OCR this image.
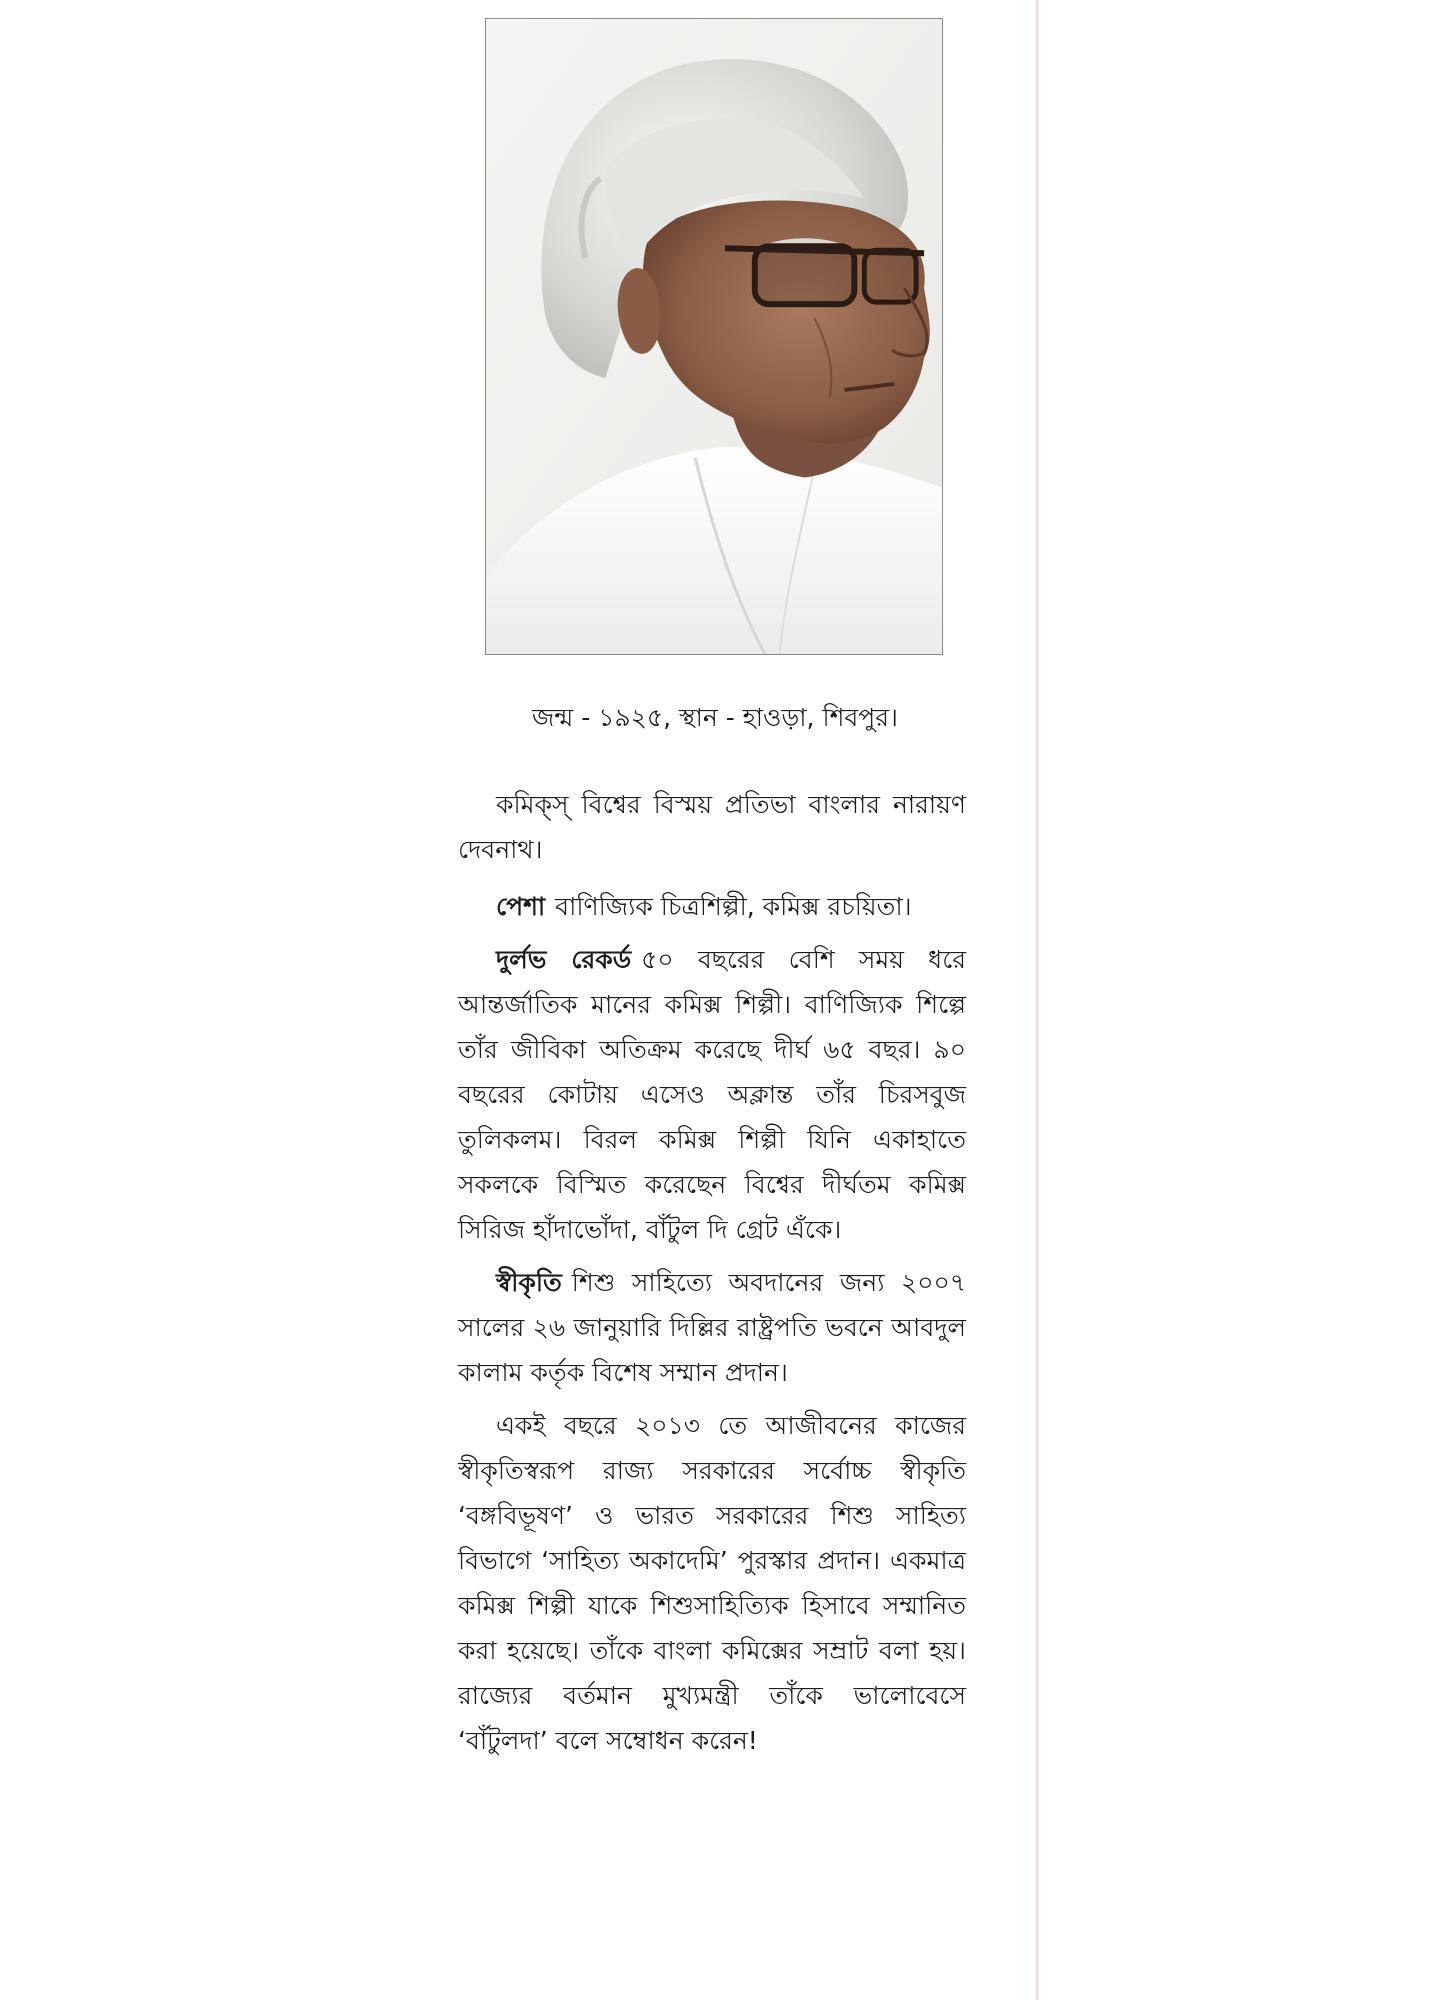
জন্ম - ১৯২৫, স্থান - হাওড়া, শিবপুর।

কমিক্স্ বিশ্বের বিস্ময় প্রতিভা বাংলার নারায়ণ দেবনাথ।

পেশা বাণিজ্যিক চিত্রশিল্পী, কমিক্স রচয়িতা।

দুর্লভ রেকর্ড ৫০ বছরের বেশি সময় ধরে আন্তর্জাতিক মানের কমিক্স শিল্পী। বাণিজ্যিক শিল্পে তাঁর জীবিকা অতিক্রম করেছে দীর্ঘ ৬৫ বছর। ৯০ বছরের কোটায় এসেও অক্লান্ত তাঁর চিরসবুজ তুলিকলম। বিরল কমিক্স শিল্পী যিনি একাহাতে সকলকে বিস্মিত করেছেন বিশ্বের দীর্ঘতম কমিক্স সিরিজ হাঁদাভোঁদা, বাঁটুল দি গ্রেট এঁকে।

স্বীকৃতি শিশু সাহিত্যে অবদানের জন্য ২০০৭ সালের ২৬ জানুয়ারি দিল্লির রাষ্ট্রপতি ভবনে আবদুল কালাম কর্তৃক বিশেষ সম্মান প্রদান।

একই বছরে ২০১৩ তে আজীবনের কাজের স্বীকৃতিস্বরূপ রাজ্য সরকারের সর্বোচ্চ স্বীকৃতি ‘বঙ্গবিভূষণ’ ও ভারত সরকারের শিশু সাহিত্য বিভাগে ‘সাহিত্য অকাদেমি’ পুরস্কার প্রদান। একমাত্র কমিক্স শিল্পী যাকে শিশুসাহিত্যিক হিসাবে সম্মানিত করা হয়েছে। তাঁকে বাংলা কমিক্সের সম্রাট বলা হয়। রাজ্যের বর্তমান মুখ্যমন্ত্রী তাঁকে ভালোবেসে ‘বাঁটুলদা’ বলে সম্বোধন করেন!
